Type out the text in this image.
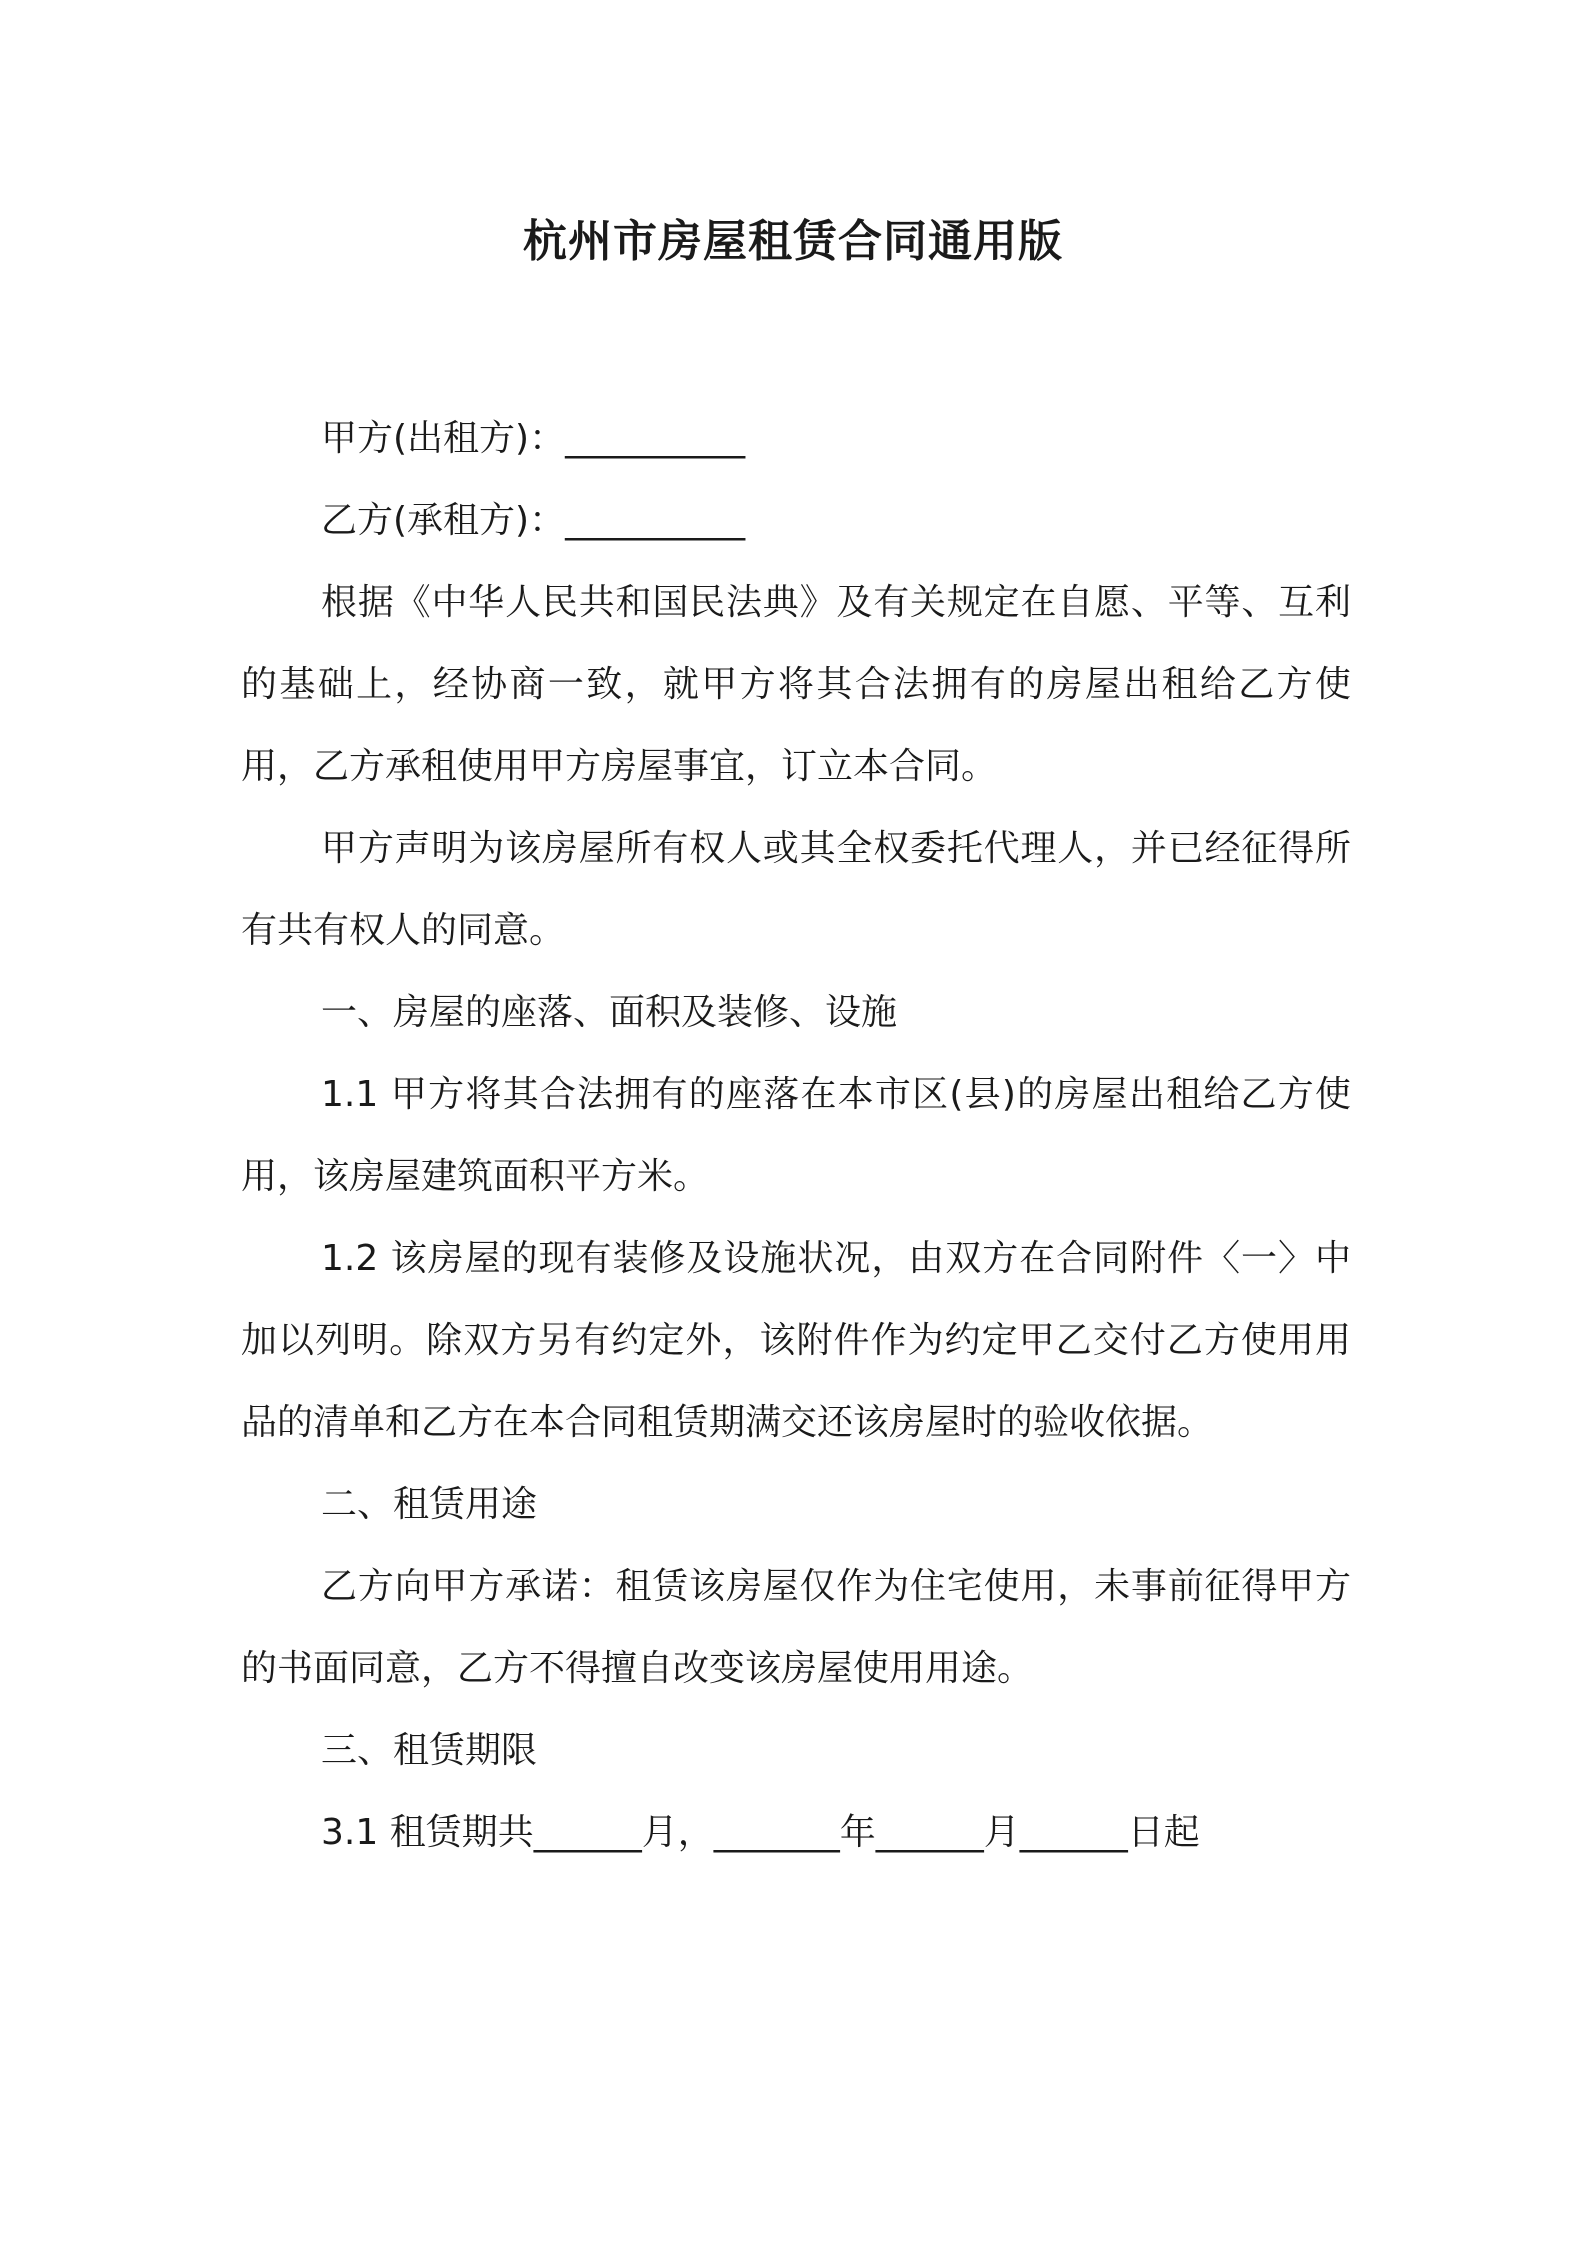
杭州市房屋租赁合同通用版

甲方(出租方)：__________

乙方(承租方)：__________

根据《中华人民共和国民法典》及有关规定在自愿、平等、互利的基础上，经协商一致，就甲方将其合法拥有的房屋出租给乙方使用，乙方承租使用甲方房屋事宜，订立本合同。

甲方声明为该房屋所有权人或其全权委托代理人，并已经征得所有共有权人的同意。

一、房屋的座落、面积及装修、设施

1.1 甲方将其合法拥有的座落在本市区(县)的房屋出租给乙方使用，该房屋建筑面积平方米。

1.2 该房屋的现有装修及设施状况，由双方在合同附件〈一〉中加以列明。除双方另有约定外，该附件作为约定甲乙交付乙方使用用品的清单和乙方在本合同租赁期满交还该房屋时的验收依据。

二、租赁用途

乙方向甲方承诺：租赁该房屋仅作为住宅使用，未事前征得甲方的书面同意，乙方不得擅自改变该房屋使用用途。

三、租赁期限

3.1 租赁期共______月，_______年______月______日起
